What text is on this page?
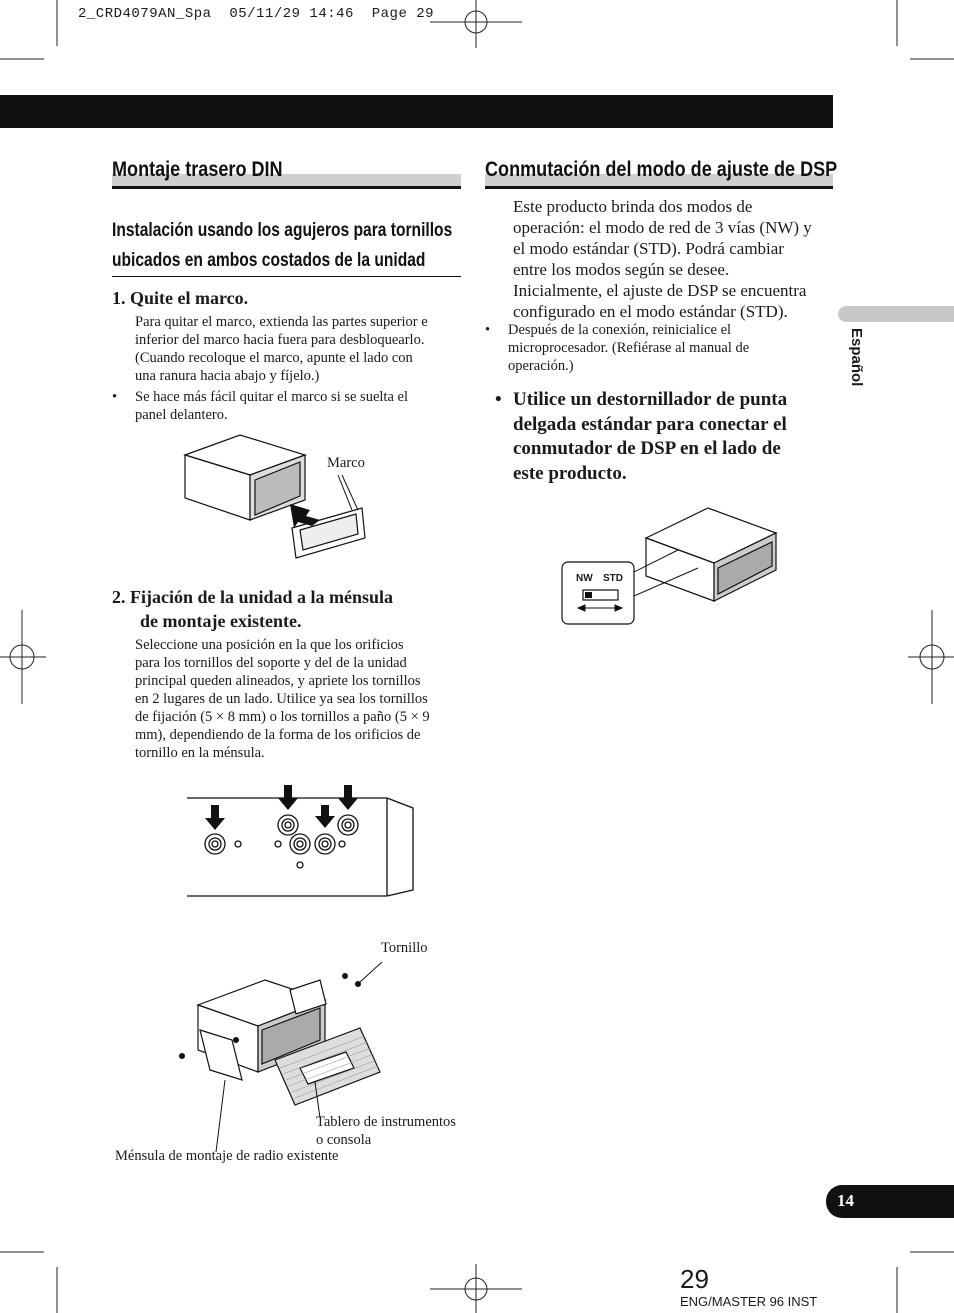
2_CRD4079AN_Spa  05/11/29 14:46  Page 29
Montaje trasero DIN
Instalación usando los agujeros para tornillos
ubicados en ambos costados de la unidad
1. Quite el marco.
Para quitar el marco, extienda las partes superior e
inferior del marco hacia fuera para desbloquearlo.
(Cuando recoloque el marco, apunte el lado con
una ranura hacia abajo y fíjelo.)
• Se hace más fácil quitar el marco si se suelta el
panel delantero.
Marco
2. Fijación de la unidad a la ménsula
de montaje existente.
Seleccione una posición en la que los orificios
para los tornillos del soporte y del de la unidad
principal queden alineados, y apriete los tornillos
en 2 lugares de un lado. Utilice ya sea los tornillos
de fijación (5 × 8 mm) o los tornillos a paño (5 × 9
mm), dependiendo de la forma de los orificios de
tornillo en la ménsula.
Tornillo
Tablero de instrumentos
o consola
Ménsula de montaje de radio existente
Conmutación del modo de ajuste de DSP
Este producto brinda dos modos de
operación: el modo de red de 3 vías (NW) y
el modo estándar (STD). Podrá cambiar
entre los modos según se desee.
Inicialmente, el ajuste de DSP se encuentra
configurado en el modo estándar (STD).
• Después de la conexión, reinicialice el
microprocesador. (Refiérase al manual de
operación.)
• Utilice un destornillador de punta
delgada estándar para conectar el
conmutador de DSP en el lado de
este producto.
NW STD
Español
14
29
ENG/MASTER 96 INST
